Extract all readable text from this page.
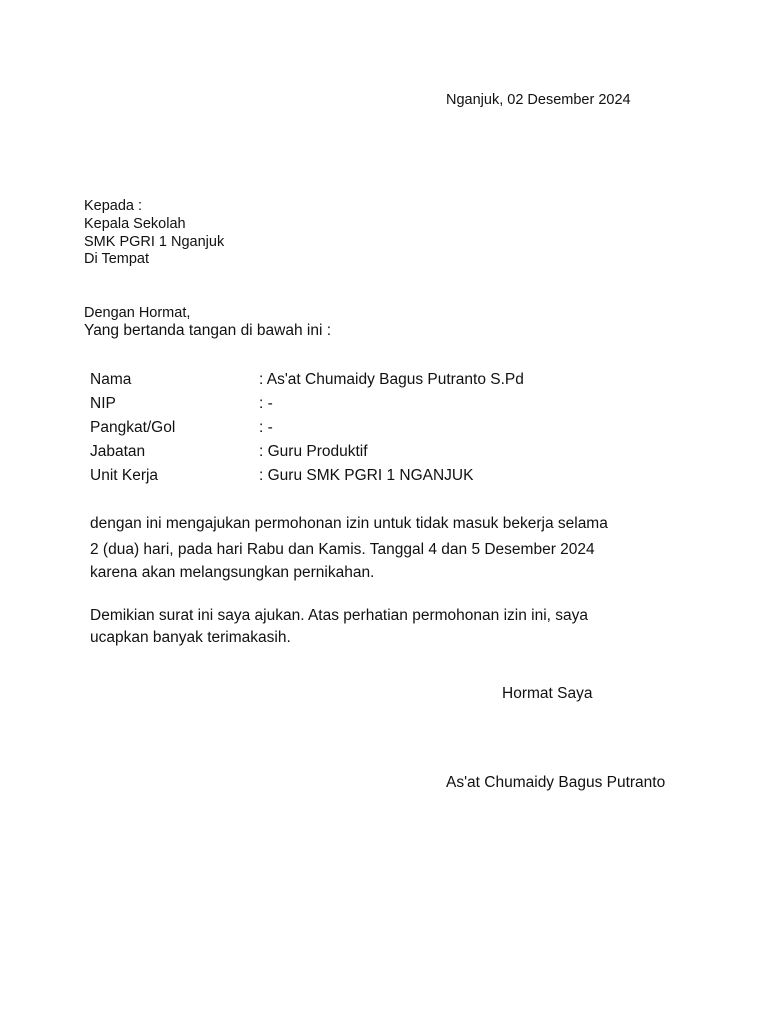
Nganjuk, 02 Desember 2024
Kepada :
Kepala Sekolah
SMK PGRI 1 Nganjuk
Di Tempat
Dengan Hormat,
Yang bertanda tangan di bawah ini :
Nama	: As'at Chumaidy Bagus Putranto S.Pd
NIP	: -
Pangkat/Gol	: -
Jabatan	: Guru Produktif
Unit Kerja	: Guru SMK PGRI 1 NGANJUK
dengan ini mengajukan permohonan izin untuk tidak masuk bekerja selama
2 (dua) hari, pada hari Rabu dan Kamis. Tanggal 4 dan 5 Desember 2024
karena akan melangsungkan pernikahan.
Demikian surat ini saya ajukan. Atas perhatian permohonan izin ini, saya
ucapkan banyak terimakasih.
Hormat Saya
As'at Chumaidy Bagus Putranto
